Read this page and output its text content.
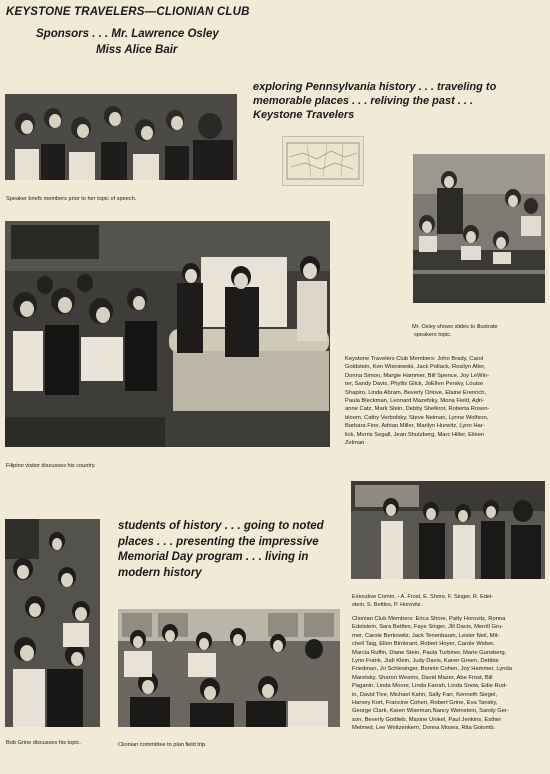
KEYSTONE TRAVELERS—CLIONIAN CLUB
Sponsors . . . Mr. Lawrence Osley
Miss Alice Bair
exploring Pennsylvania history . . . traveling to
memorable places . . . reliving the past . . .
Keystone Travelers
Speaker briefs members prior to her topic of speech.
Filipino visitor discusses his country.
Mr. Osley shows slides to illustrate
speakers topic.
Keystone Travelers Club Members: John Brady, Carol
Goldstein, Ken Wisniewski, Jack Pollack, Rosilyn Alter,
Donna Simon, Margie Hammer, Bill Spence, Joy LeWin-
ter, Sandy Davis, Phyllis Glick, JoEllen Persky, Louise
Shapiro, Linda Abram, Beverly Orlove, Elaine Erenrich,
Paula Bleckman, Leonard Mazefsky, Mona Field, Adri-
anne Catz, Mark Stein, Debby Shelkrot, Roberta Rosen-
bloom, Cathy Verbofsky, Steve Neiman, Lynne Wolfson,
Barbara Fine, Adrian Miller, Marilyn Hurwitz, Lynn Har-
lick, Morris Segall, Jean Shutzberg, Marc Hiller, Eileen
Zelman
Executive Comm. - A. Frost, E. Shore, F. Singer, R. Edel-
stein, S. Bettles, P. Horovitz.
students of history . . . going to noted
places . . . presenting the impressive
Memorial Day program . . . living in
modern history
Bob Grine discusses his topic.	Clionian committee to plan field trip.
Clionian Club Members: Erica Shore, Patty Horovitz, Ronna
Edelstein, Sara Bettles, Faye Singer, Jill Davis, Merrill Gru-
mer, Carole Berkowitz, Jack Tenenbaum, Lester Neil, Mit-
chell Taig, Ellen Birnkrant, Robert Hoyer, Carole Weber,
Marcia Ruffin, Diane Stein, Paula Turbiner, Marie Gunsberg,
Lynn Frank, Judi Klein, Judy Davis, Karen Green, Debbie
Friedman, Jo Schlesinger, Bonnie Cohen, Joy Hammer, Lynda
Maretsky, Sharon Weems, David Mazer, Abe Frost, Bill
Paganin, Linda Moore, Linda Farrah, Linda Snow, Edie Rud-
in, David Tive, Michael Kahn, Sally Farr, Kenneth Siegel,
Harvey Kort, Francine Cohen, Robert Grine, Eva Tansky,
George Clark, Karen Wiseman,Nancy Weinstein, Sandy Ger-
son, Beverly Gottlieb, Maxine Unikel, Paul Jenkins, Esther
Melmed, Lee Weitzenkern, Donna Moses, Rita Golomb.
